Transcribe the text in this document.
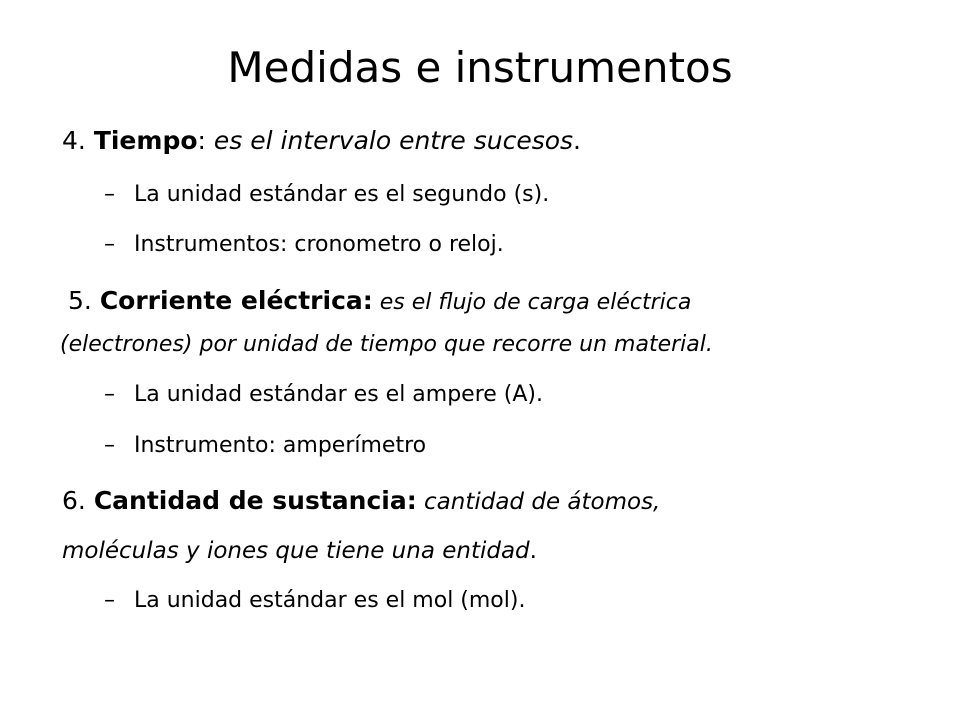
Medidas e instrumentos
4. Tiempo: es el intervalo entre sucesos.
– La unidad estándar es el segundo (s).
– Instrumentos: cronometro o reloj.
5. Corriente eléctrica: es el flujo de carga eléctrica
(electrones) por unidad de tiempo que recorre un material.
– La unidad estándar es el ampere (A).
– Instrumento: amperímetro
6. Cantidad de sustancia: cantidad de átomos,
moléculas y iones que tiene una entidad.
– La unidad estándar es el mol (mol).
